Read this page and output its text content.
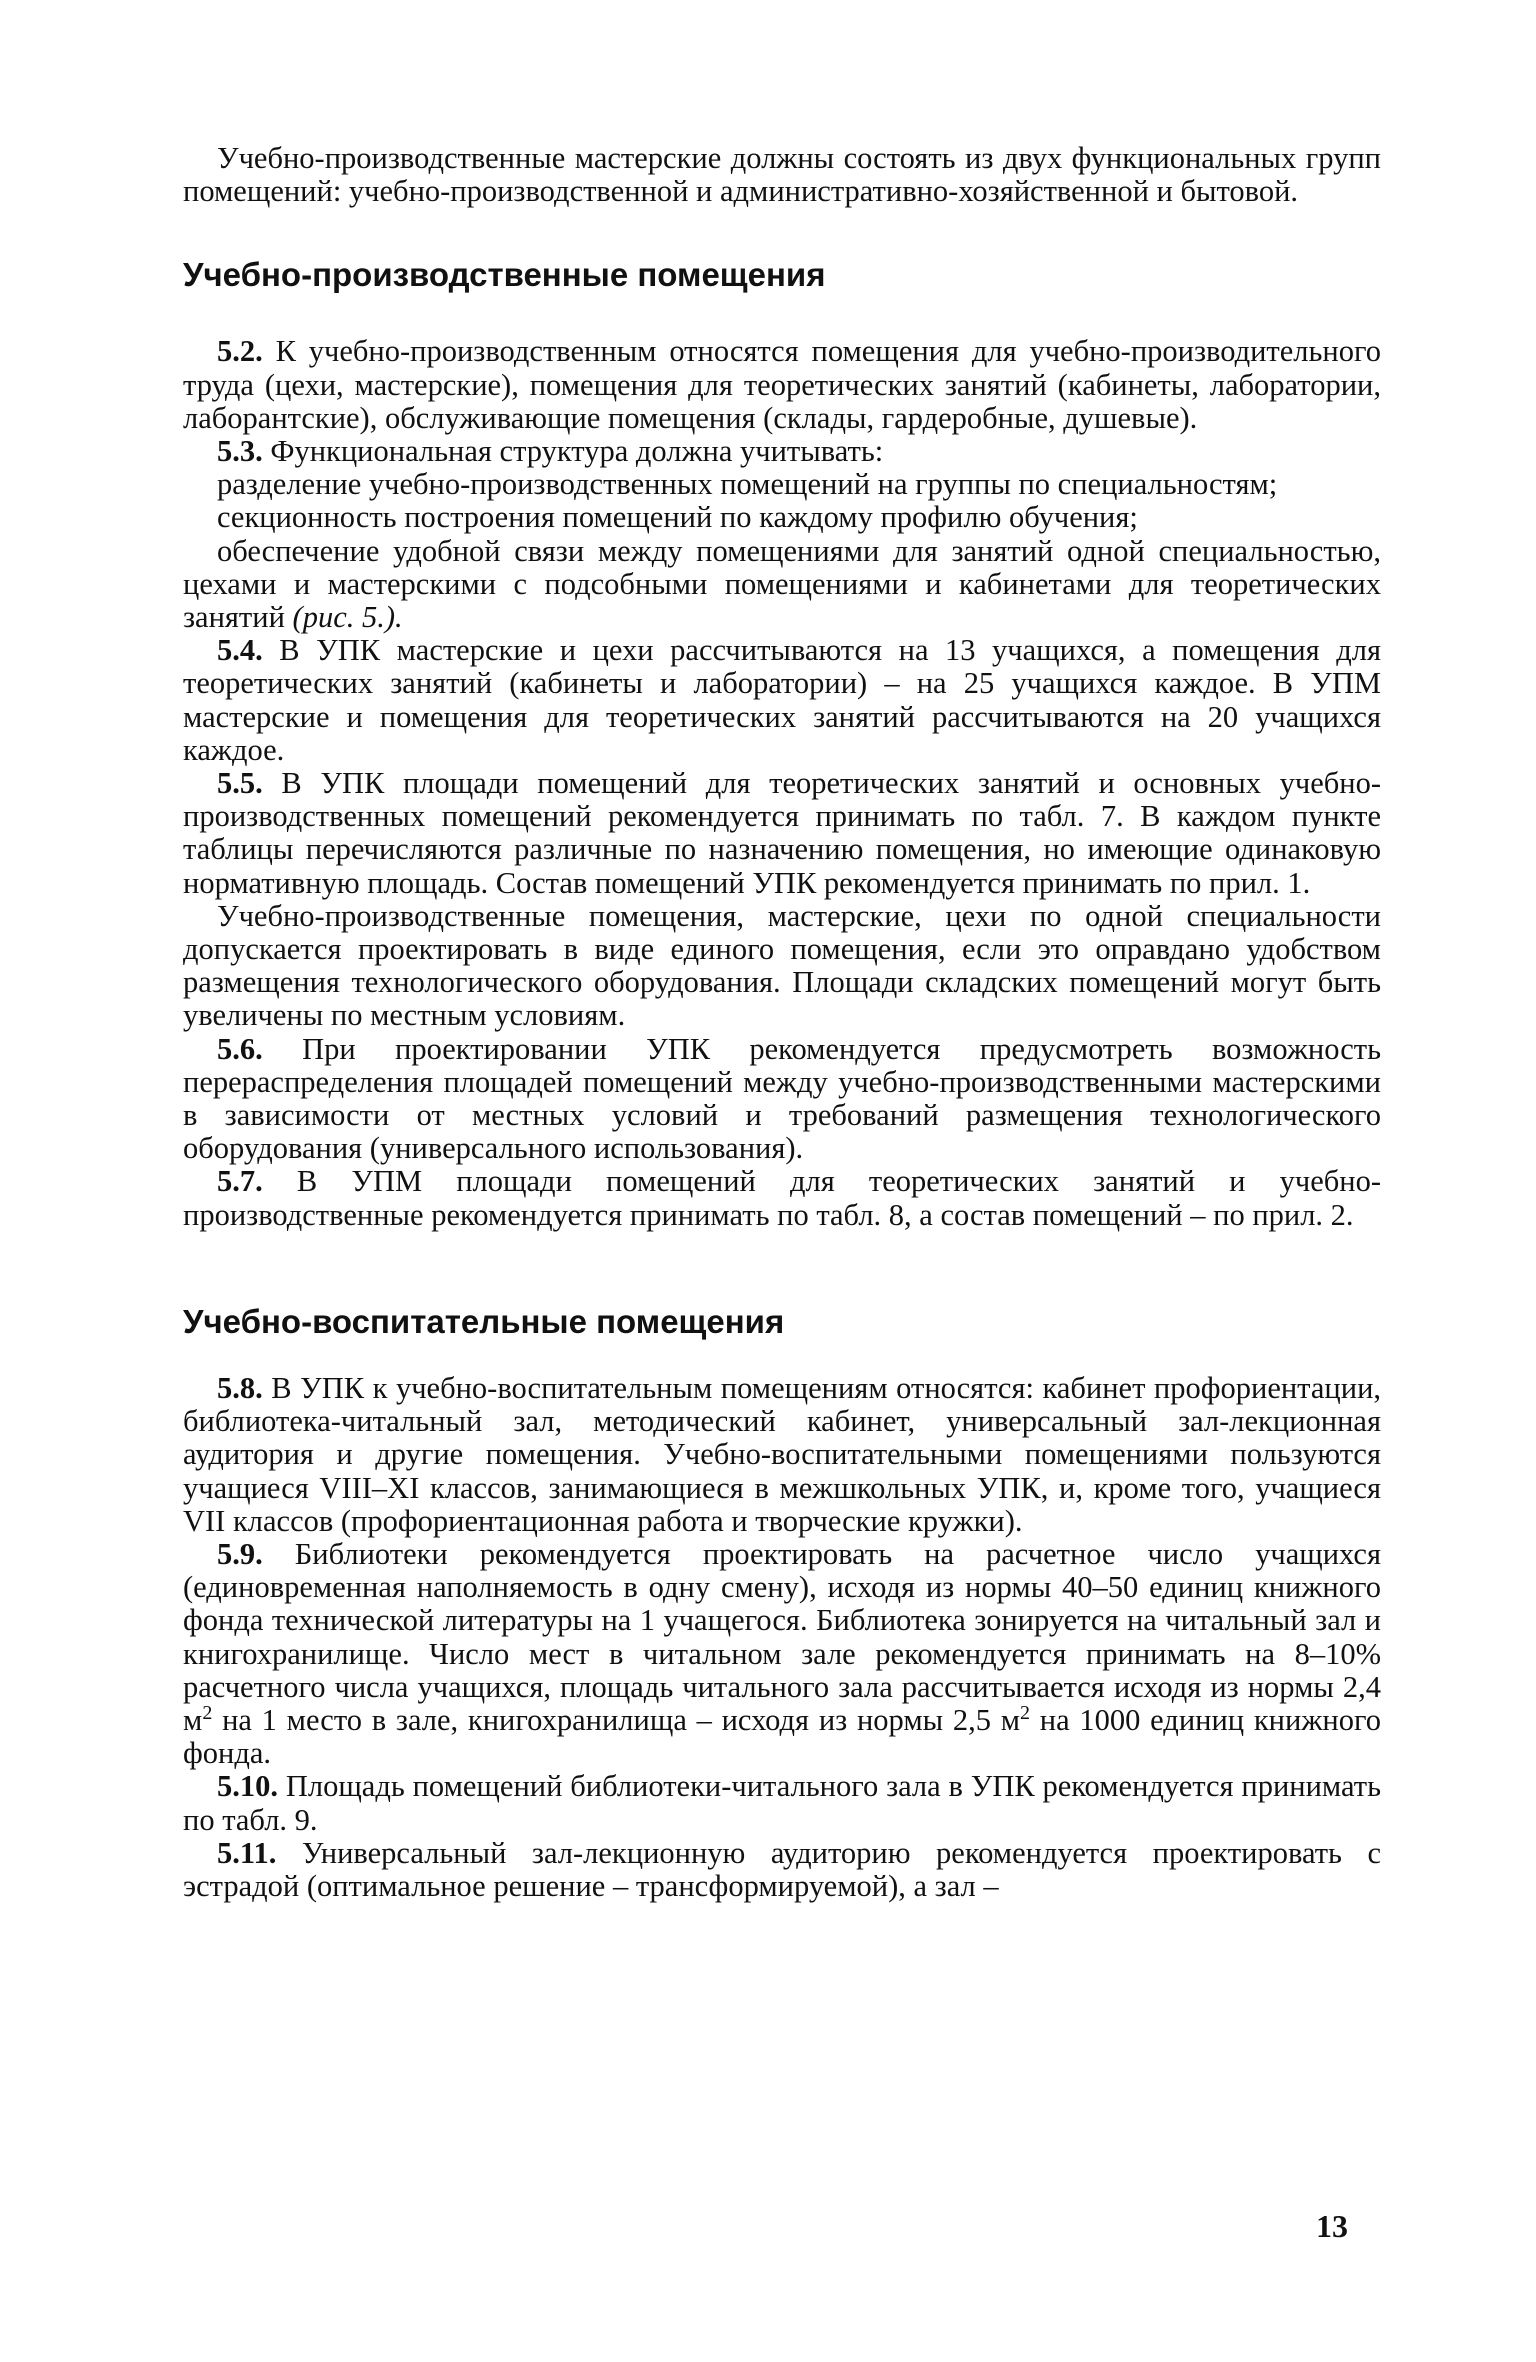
Учебно-производственные мастерские должны состоять из двух функциональных групп помещений: учебно-производственной и административно-хозяйственной и бытовой.

Учебно-производственные помещения

5.2. К учебно-производственным относятся помещения для учебно-производительного труда (цехи, мастерские), помещения для теоретических занятий (кабинеты, лаборатории, лаборантские), обслуживающие помещения (склады, гардеробные, душевые).

5.3. Функциональная структура должна учитывать:

разделение учебно-производственных помещений на группы по специальностям;

секционность построения помещений по каждому профилю обучения;

обеспечение удобной связи между помещениями для занятий одной специальностью, цехами и мастерскими с подсобными помещениями и кабинетами для теоретических занятий (рис. 5.).

5.4. В УПК мастерские и цехи рассчитываются на 13 учащихся, а помещения для теоретических занятий (кабинеты и лаборатории) – на 25 учащихся каждое. В УПМ мастерские и помещения для теоретических занятий рассчитываются на 20 учащихся каждое.

5.5. В УПК площади помещений для теоретических занятий и основных учебно-производственных помещений рекомендуется принимать по табл. 7. В каждом пункте таблицы перечисляются различные по назначению помещения, но имеющие одинаковую нормативную площадь. Состав помещений УПК рекомендуется принимать по прил. 1.

Учебно-производственные помещения, мастерские, цехи по одной специальности допускается проектировать в виде единого помещения, если это оправдано удобством размещения технологического оборудования. Площади складских помещений могут быть увеличены по местным условиям.

5.6. При проектировании УПК рекомендуется предусмотреть возможность перераспределения площадей помещений между учебно-производственными мастерскими в зависимости от местных условий и требований размещения технологического оборудования (универсального использования).

5.7. В УПМ площади помещений для теоретических занятий и учебно-производственные рекомендуется принимать по табл. 8, а состав помещений – по прил. 2.

Учебно-воспитательные помещения

5.8. В УПК к учебно-воспитательным помещениям относятся: кабинет профориентации, библиотека-читальный зал, методический кабинет, универсальный зал-лекционная аудитория и другие помещения. Учебно-воспитательными помещениями пользуются учащиеся VIII–XI классов, занимающиеся в межшкольных УПК, и, кроме того, учащиеся VII классов (профориентационная работа и творческие кружки).

5.9. Библиотеки рекомендуется проектировать на расчетное число учащихся (единовременная наполняемость в одну смену), исходя из нормы 40–50 единиц книжного фонда технической литературы на 1 учащегося. Библиотека зонируется на читальный зал и книгохранилище. Число мест в читальном зале рекомендуется принимать на 8–10% расчетного числа учащихся, площадь читального зала рассчитывается исходя из нормы 2,4 $м^2$ на 1 место в зале, книгохранилища – исходя из нормы 2,5 $м^2$ на 1000 единиц книжного фонда.

5.10. Площадь помещений библиотеки-читального зала в УПК рекомендуется принимать по табл. 9.

5.11. Универсальный зал-лекционную аудиторию рекомендуется проектировать с эстрадой (оптимальное решение – трансформируемой), а зал –

13
